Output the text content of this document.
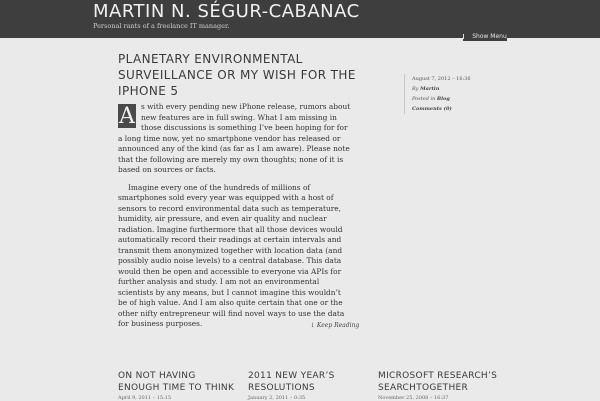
MARTIN N. SÉGUR-CABANAC
Personal rants of a freelance IT manager.
Show Menu
PLANETARY ENVIRONMENTAL SURVEILLANCE OR MY WISH FOR THE IPHONE 5
August 7, 2012 – 16:36
By Martin
Posted in Blog
Comments (0)

A s with every pending new iPhone release, rumors about new features are in full swing. What I am missing in those discussions is something I’ve been hoping for for a long time now, yet no smartphone vendor has released or announced any of the kind (as far as I am aware). Please note that the following are merely my own thoughts; none of it is based on sources or facts.

Imagine every one of the hundreds of millions of smartphones sold every year was equipped with a host of sensors to record environmental data such as temperature, humidity, air pressure, and even air quality and nuclear radiation. Imagine furthermore that all those devices would automatically record their readings at certain intervals and transmit them anonymized together with location data (and possibly audio noise levels) to a central database. This data would then be open and accessible to everyone via APIs for further analysis and study. I am not an environmental scientists by any means, but I cannot imagine this wouldn’t be of high value. And I am also quite certain that one or the other nifty entrepreneur will find novel ways to use the data for business purposes.	↓ Keep Reading
ON NOT HAVING ENOUGH TIME TO THINK
April 9, 2011 – 15:15
2011 NEW YEAR’S RESOLUTIONS
January 2, 2011 – 0:35
MICROSOFT RESEARCH’S SEARCHTOGETHER
November 25, 2008 – 16:37
